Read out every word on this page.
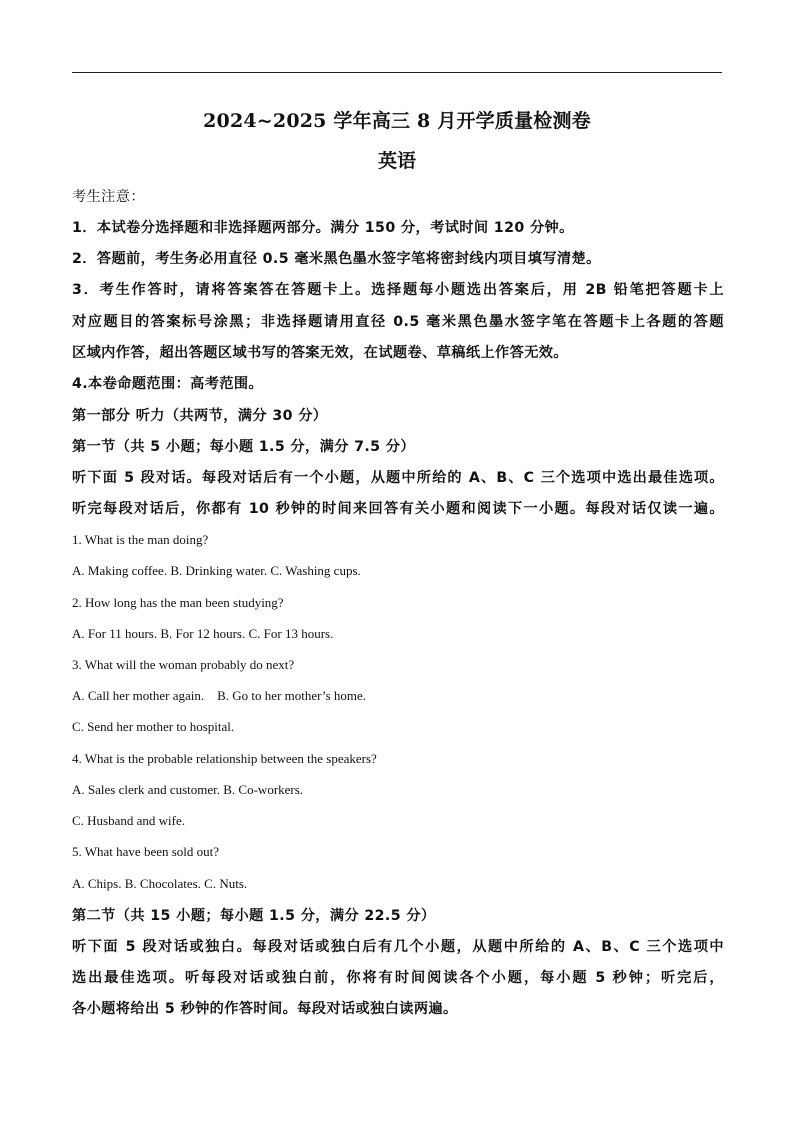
2024~2025 学年高三 8 月开学质量检测卷
英语
考生注意：
1．本试卷分选择题和非选择题两部分。满分 150 分，考试时间 120 分钟。
2．答题前，考生务必用直径 0.5 毫米黑色墨水签字笔将密封线内项目填写清楚。
3．考生作答时，请将答案答在答题卡上。选择题每小题选出答案后，用 2B 铅笔把答题卡上
对应题目的答案标号涂黑；非选择题请用直径 0.5 毫米黑色墨水签字笔在答题卡上各题的答题
区域内作答，超出答题区域书写的答案无效，在试题卷、草稿纸上作答无效。
4.本卷命题范围：高考范围。
第一部分 听力（共两节，满分 30 分）
第一节（共 5 小题；每小题 1.5 分，满分 7.5 分）
听下面 5 段对话。每段对话后有一个小题，从题中所给的 A、B、C 三个选项中选出最佳选项。
听完每段对话后，你都有 10 秒钟的时间来回答有关小题和阅读下一小题。每段对话仅读一遍。
1. What is the man doing?
A. Making coffee. B. Drinking water. C. Washing cups.
2. How long has the man been studying?
A. For 11 hours. B. For 12 hours. C. For 13 hours.
3. What will the woman probably do next?
A. Call her mother again.    B. Go to her mother’s home.
C. Send her mother to hospital.
4. What is the probable relationship between the speakers?
A. Sales clerk and customer. B. Co-workers.
C. Husband and wife.
5. What have been sold out?
A. Chips. B. Chocolates. C. Nuts.
第二节（共 15 小题；每小题 1.5 分，满分 22.5 分）
听下面 5 段对话或独白。每段对话或独白后有几个小题，从题中所给的 A、B、C 三个选项中
选出最佳选项。听每段对话或独白前，你将有时间阅读各个小题，每小题 5 秒钟；听完后，
各小题将给出 5 秒钟的作答时间。每段对话或独白读两遍。
